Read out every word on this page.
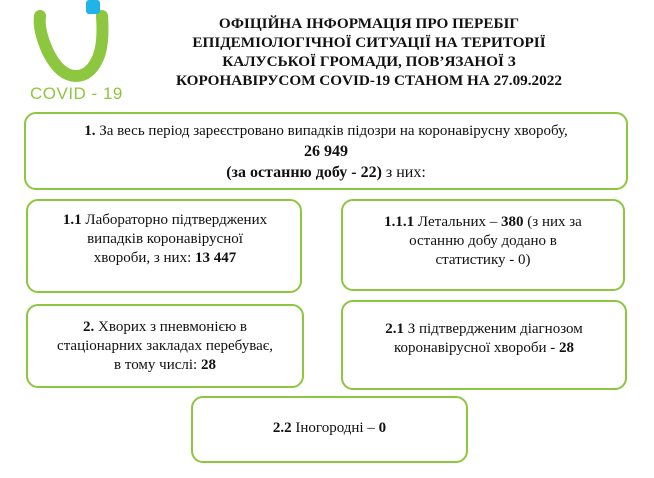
COVID - 19
ОФІЦІЙНА ІНФОРМАЦІЯ ПРО ПЕРЕБІГ
ЕПІДЕМІОЛОГІЧНОЇ СИТУАЦІЇ НА ТЕРИТОРІЇ
КАЛУСЬКОЇ ГРОМАДИ, ПОВ’ЯЗАНОЇ З
КОРОНАВІРУСОМ COVID-19 СТАНОМ НА 27.09.2022
1. За весь період зареєстровано випадків підозри на коронавірусну хворобу,
26 949
(за останню добу - 22) з них:
1.1 Лабораторно підтверджених
випадків коронавірусної
хвороби, з них: 13 447
1.1.1 Летальних – 380 (з них за
останню добу додано в
статистику - 0)
2. Хворих з пневмонією в
стаціонарних закладах перебуває,
в тому числі: 28
2.1 З підтвердженим діагнозом
коронавірусної хвороби - 28
2.2 Іногородні – 0
